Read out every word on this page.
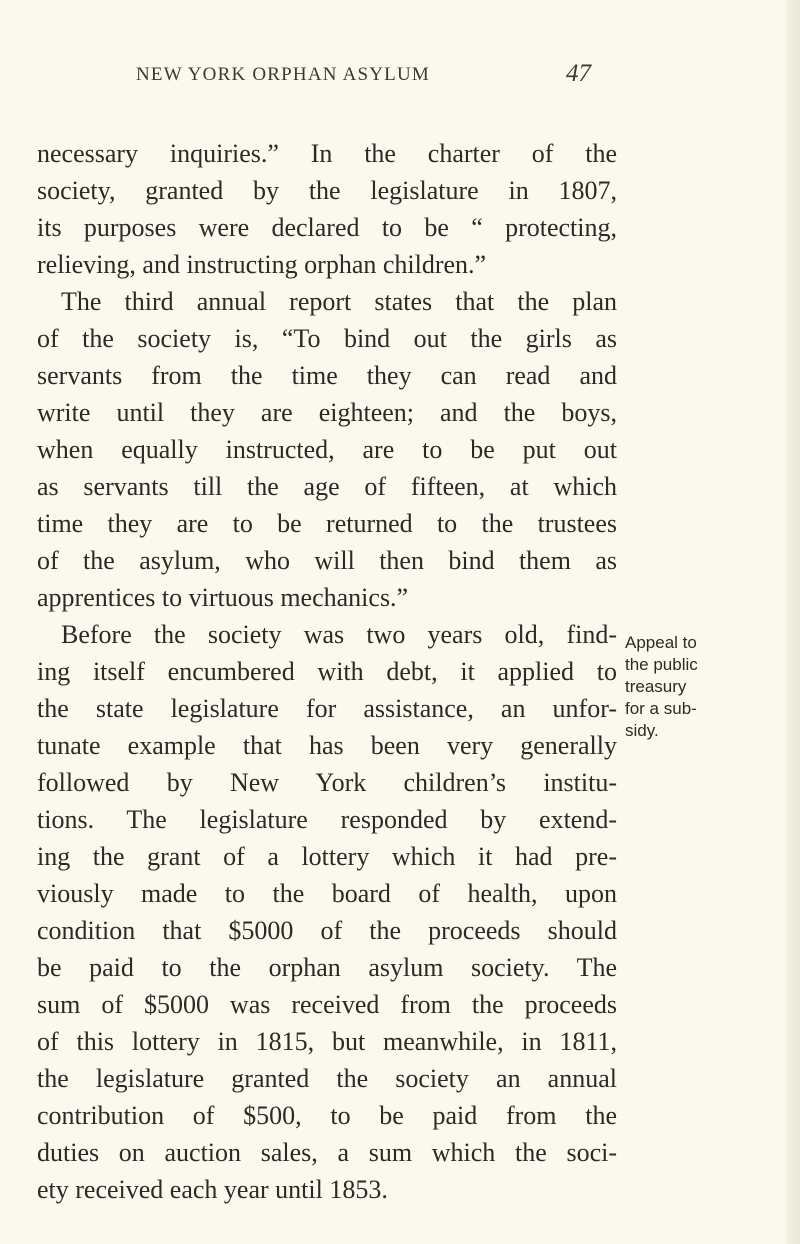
NEW YORK ORPHAN ASYLUM	47
necessary inquiries.” In the charter of the
society, granted by the legislature in 1807,
its purposes were declared to be “ protecting,
relieving, and instructing orphan children.”
The third annual report states that the plan
of the society is, “To bind out the girls as
servants from the time they can read and
write until they are eighteen; and the boys,
when equally instructed, are to be put out
as servants till the age of fifteen, at which
time they are to be returned to the trustees
of the asylum, who will then bind them as
apprentices to virtuous mechanics.”
Before the society was two years old, find-
ing itself encumbered with debt, it applied to
the state legislature for assistance, an unfor-
tunate example that has been very generally
followed by New York children’s institu-
tions. The legislature responded by extend-
ing the grant of a lottery which it had pre-
viously made to the board of health, upon
condition that $5000 of the proceeds should
be paid to the orphan asylum society. The
sum of $5000 was received from the proceeds
of this lottery in 1815, but meanwhile, in 1811,
the legislature granted the society an annual
contribution of $500, to be paid from the
duties on auction sales, a sum which the soci-
ety received each year until 1853.
Appeal to
the public
treasury
for a sub-
sidy.
